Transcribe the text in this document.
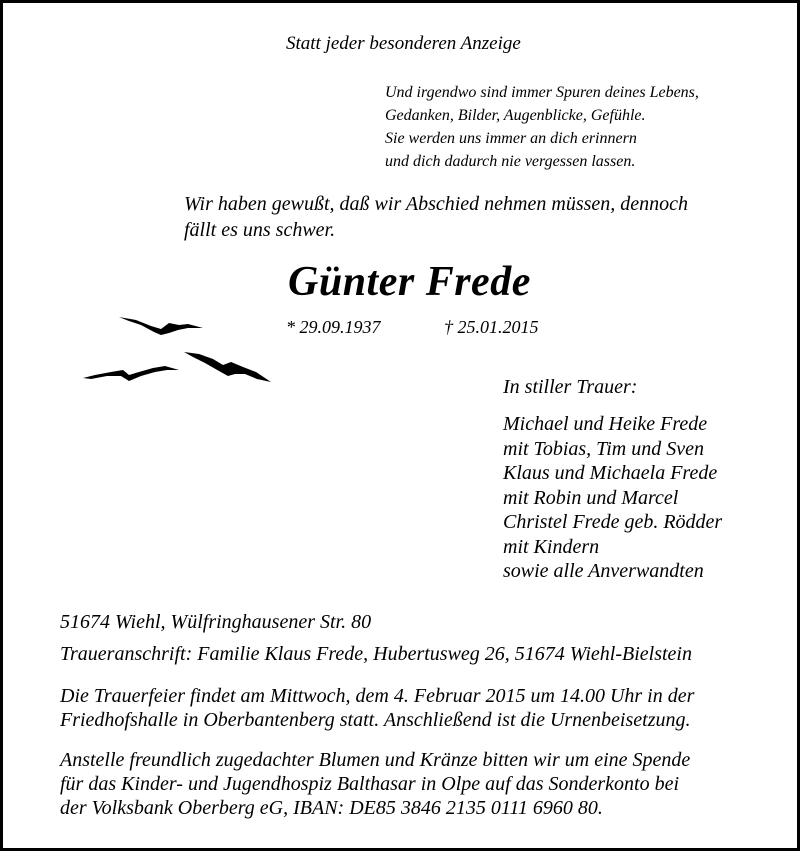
Statt jeder besonderen Anzeige
Und irgendwo sind immer Spuren deines Lebens,
Gedanken, Bilder, Augenblicke, Gefühle.
Sie werden uns immer an dich erinnern
und dich dadurch nie vergessen lassen.
Wir haben gewußt, daß wir Abschied nehmen müssen, dennoch
fällt es uns schwer.
Günter Frede
* 29.09.1937	† 25.01.2015
In stiller Trauer:
Michael und Heike Frede
mit Tobias, Tim und Sven
Klaus und Michaela Frede
mit Robin und Marcel
Christel Frede geb. Rödder
mit Kindern
sowie alle Anverwandten
51674 Wiehl, Wülfringhausener Str. 80
Traueranschrift: Familie Klaus Frede, Hubertusweg 26, 51674 Wiehl-Bielstein
Die Trauerfeier findet am Mittwoch, dem 4. Februar 2015 um 14.00 Uhr in der
Friedhofshalle in Oberbantenberg statt. Anschließend ist die Urnenbeisetzung.
Anstelle freundlich zugedachter Blumen und Kränze bitten wir um eine Spende
für das Kinder- und Jugendhospiz Balthasar in Olpe auf das Sonderkonto bei
der Volksbank Oberberg eG, IBAN: DE85 3846 2135 0111 6960 80.
